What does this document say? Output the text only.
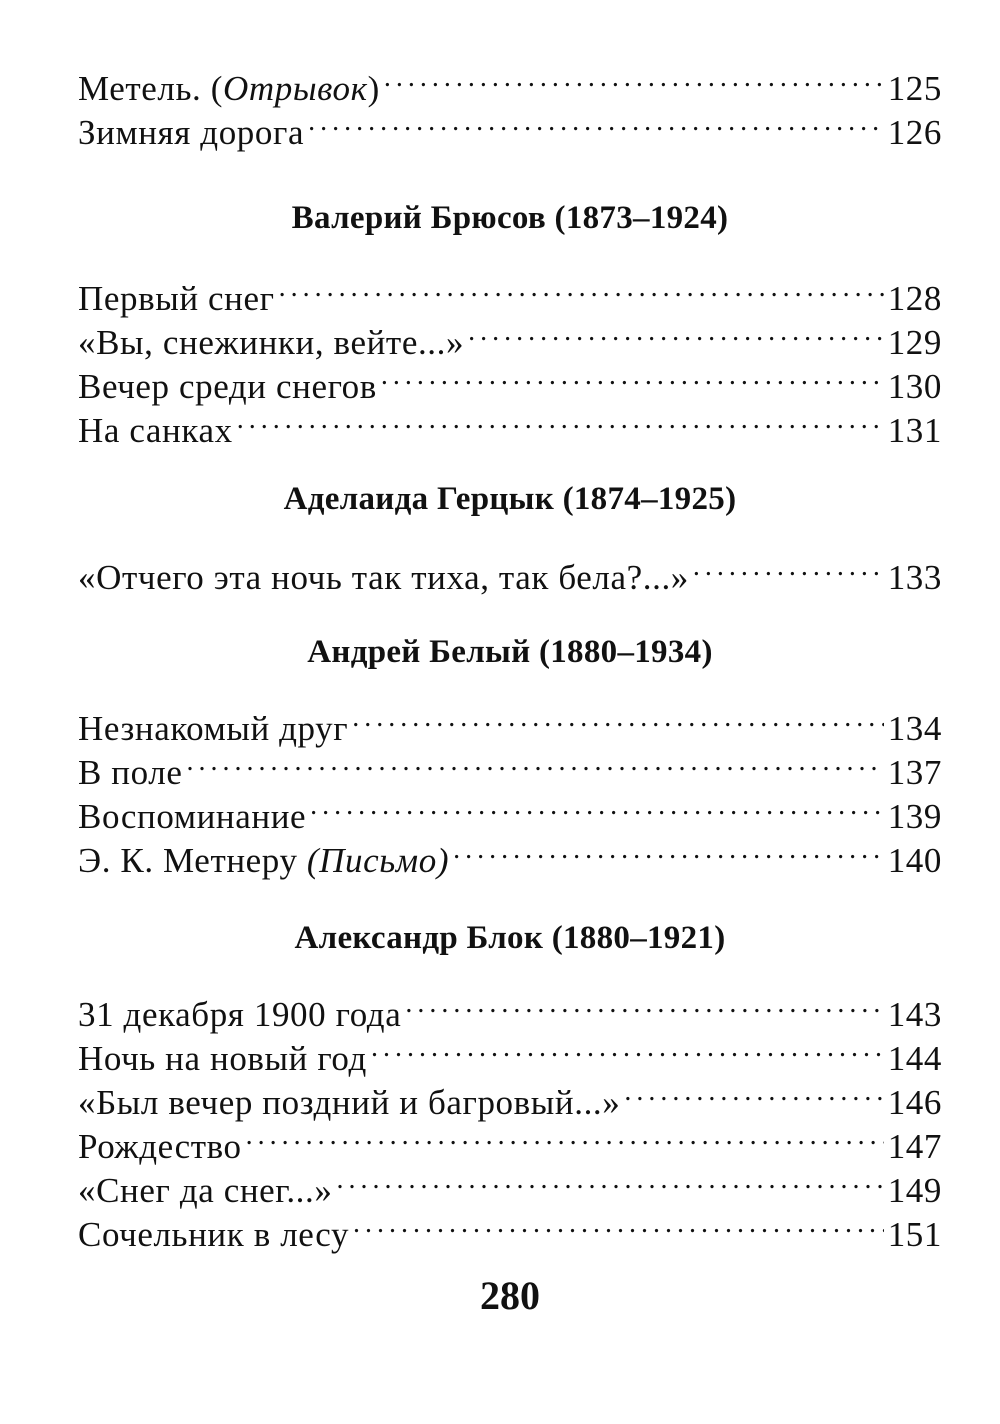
Метель. (Отрывок) . . .	125
Зимняя дорога . . .	126
Валерий Брюсов (1873–1924)
Первый снег . . .	128
«Вы, снежинки, вейте...» . . .	129
Вечер среди снегов . . .	130
На санках . . .	131
Аделаида Герцык (1874–1925)
«Отчего эта ночь так тиха, так бела?...» . . .	133
Андрей Белый (1880–1934)
Незнакомый друг . . .	134
В поле . . .	137
Воспоминание . . .	139
Э. К. Метнеру (Письмо) . . .	140
Александр Блок (1880–1921)
31 декабря 1900 года . . .	143
Ночь на новый год . . .	144
«Был вечер поздний и багровый...» . . .	146
Рождество . . .	147
«Снег да снег...» . . .	149
Сочельник в лесу . . .	151
280
